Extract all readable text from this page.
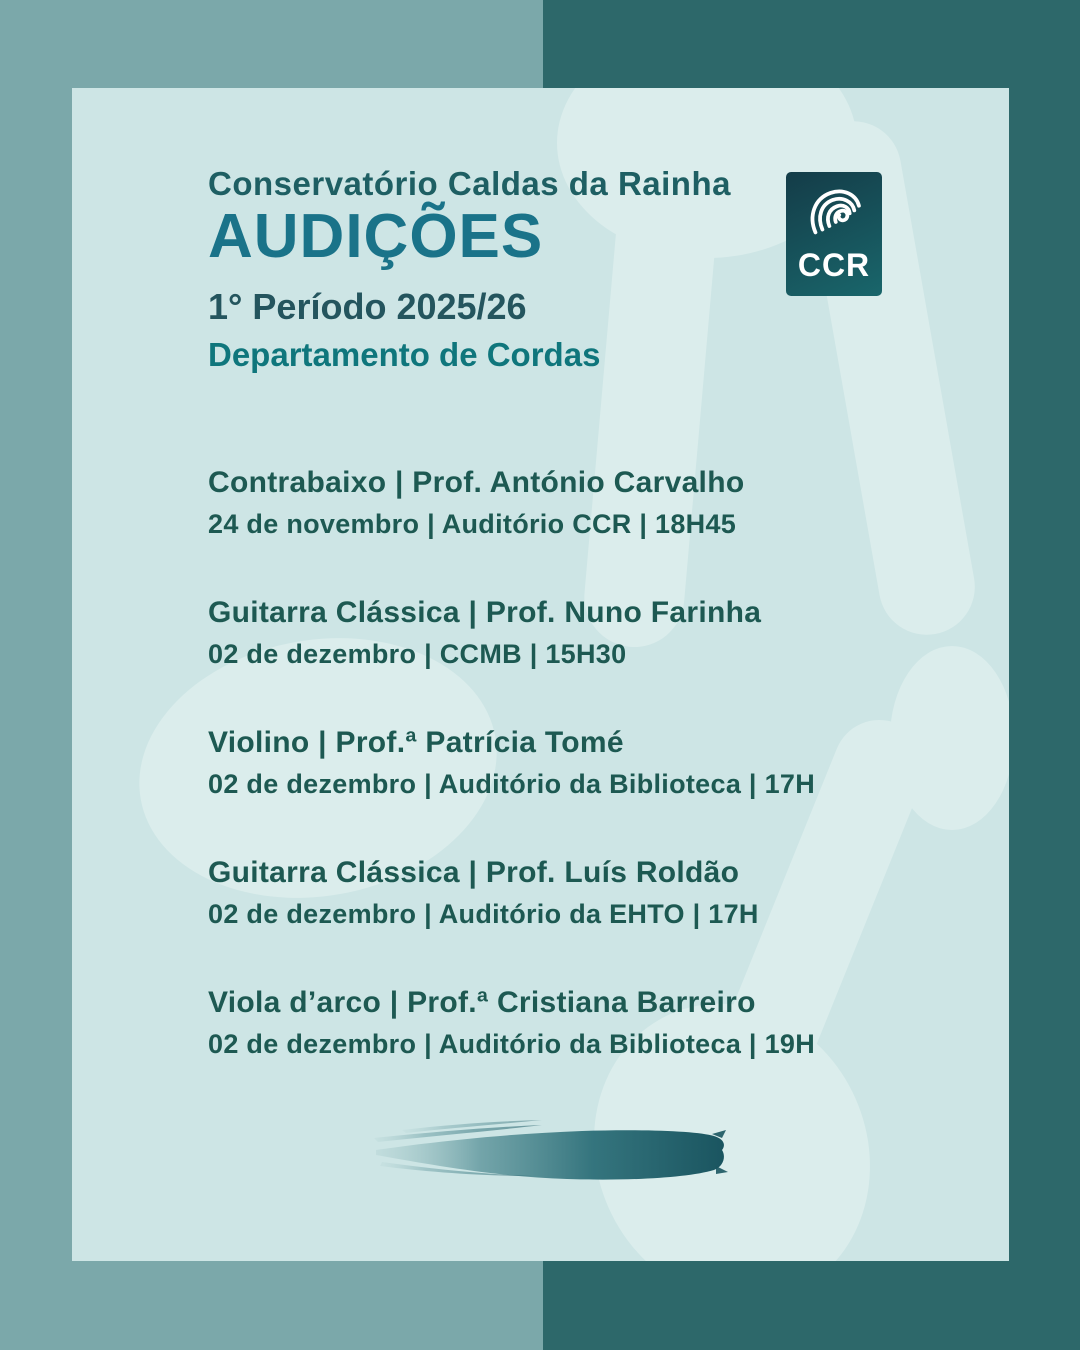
Conservatório Caldas da Rainha
AUDIÇÕES
1° Período 2025/26
Departamento de Cordas
CCR
Contrabaixo | Prof. António Carvalho
24 de novembro | Auditório CCR | 18H45
Guitarra Clássica | Prof. Nuno Farinha
02 de dezembro | CCMB | 15H30
Violino | Prof.ª Patrícia Tomé
02 de dezembro | Auditório da Biblioteca | 17H
Guitarra Clássica | Prof. Luís Roldão
02 de dezembro | Auditório da EHTO | 17H
Viola d’arco | Prof.ª Cristiana Barreiro
02 de dezembro | Auditório da Biblioteca | 19H
